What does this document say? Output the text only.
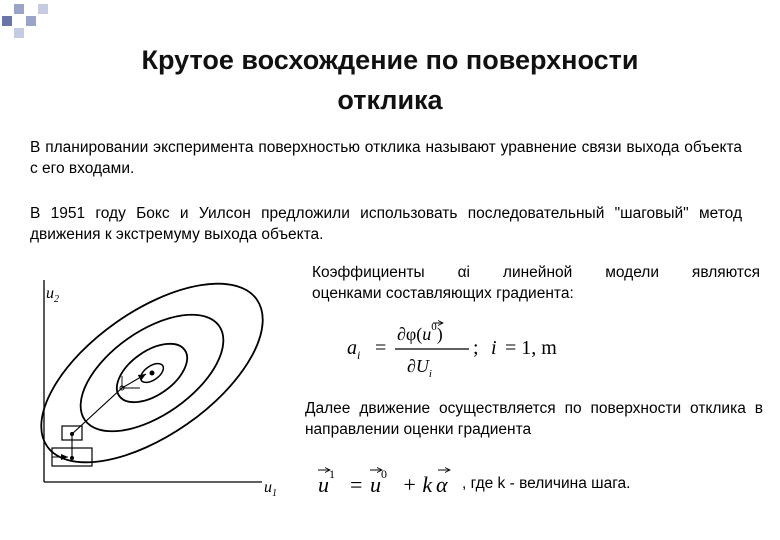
Крутое восхождение по поверхности
отклика
В планировании эксперимента поверхностью отклика называют уравнение связи выхода объекта с его входами.
В 1951 году Бокс и Уилсон предложили использовать последовательный "шаговый" метод движения к экстремуму выхода объекта.
Коэффициенты αi линейной модели являются
оценками составляющих градиента:
Далее движение осуществляется по поверхности отклика в направлении оценки градиента
, где k - величина шага.
$u_2$
$u_1$
$a_i$ =
$\partial\varphi(u^0)$
$\partial U_i$
; i = 1, m
$u^1 = u^0 + k$ α
